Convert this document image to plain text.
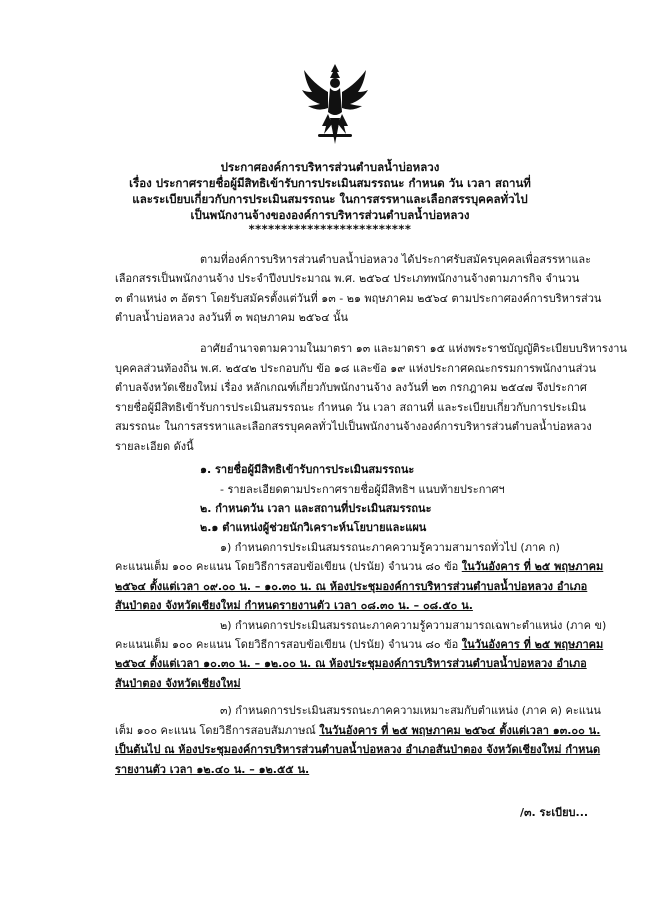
ประกาศองค์การบริหารส่วนตำบลน้ำบ่อหลวง
เรื่อง ประกาศรายชื่อผู้มีสิทธิเข้ารับการประเมินสมรรถนะ กำหนด วัน เวลา สถานที่
และระเบียบเกี่ยวกับการประเมินสมรรถนะ ในการสรรหาและเลือกสรรบุคคลทั่วไป
เป็นพนักงานจ้างขององค์การบริหารส่วนตำบลน้ำบ่อหลวง
*************************
ตามที่องค์การบริหารส่วนตำบลน้ำบ่อหลวง ได้ประกาศรับสมัครบุคคลเพื่อสรรหาและ
เลือกสรรเป็นพนักงานจ้าง ประจำปีงบประมาณ พ.ศ. ๒๕๖๔ ประเภทพนักงานจ้างตามภารกิจ จำนวน
๓ ตำแหน่ง ๓ อัตรา โดยรับสมัครตั้งแต่วันที่ ๑๓ - ๒๑ พฤษภาคม ๒๕๖๔ ตามประกาศองค์การบริหารส่วน
ตำบลน้ำบ่อหลวง ลงวันที่ ๓ พฤษภาคม ๒๕๖๔ นั้น
อาศัยอำนาจตามความในมาตรา ๑๓ และมาตรา ๑๕ แห่งพระราชบัญญัติระเบียบบริหารงาน
บุคคลส่วนท้องถิ่น พ.ศ. ๒๕๔๒ ประกอบกับ ข้อ ๑๘ และข้อ ๑๙ แห่งประกาศคณะกรรมการพนักงานส่วน
ตำบลจังหวัดเชียงใหม่ เรื่อง หลักเกณฑ์เกี่ยวกับพนักงานจ้าง ลงวันที่ ๒๓ กรกฎาคม ๒๕๔๗ จึงประกาศ
รายชื่อผู้มีสิทธิเข้ารับการประเมินสมรรถนะ กำหนด วัน เวลา สถานที่ และระเบียบเกี่ยวกับการประเมิน
สมรรถนะ ในการสรรหาและเลือกสรรบุคคลทั่วไปเป็นพนักงานจ้างองค์การบริหารส่วนตำบลน้ำบ่อหลวง
รายละเอียด ดังนี้
๑. รายชื่อผู้มีสิทธิเข้ารับการประเมินสมรรถนะ
- รายละเอียดตามประกาศรายชื่อผู้มีสิทธิฯ แนบท้ายประกาศฯ
๒. กำหนดวัน เวลา และสถานที่ประเมินสมรรถนะ
๒.๑ ตำแหน่งผู้ช่วยนักวิเคราะห์นโยบายและแผน
๑) กำหนดการประเมินสมรรถนะภาคความรู้ความสามารถทั่วไป (ภาค ก)
คะแนนเต็ม ๑๐๐ คะแนน โดยวิธีการสอบข้อเขียน (ปรนัย) จำนวน ๘๐ ข้อ ในวันอังคาร ที่ ๒๕ พฤษภาคม
๒๕๖๔ ตั้งแต่เวลา ๐๙.๐๐ น. – ๑๐.๓๐ น. ณ ห้องประชุมองค์การบริหารส่วนตำบลน้ำบ่อหลวง อำเภอ
สันป่าตอง จังหวัดเชียงใหม่ กำหนดรายงานตัว เวลา ๐๘.๓๐ น. – ๐๘.๕๐ น.
๒) กำหนดการประเมินสมรรถนะภาคความรู้ความสามารถเฉพาะตำแหน่ง (ภาค ข)
คะแนนเต็ม ๑๐๐ คะแนน โดยวิธีการสอบข้อเขียน (ปรนัย) จำนวน ๘๐ ข้อ ในวันอังคาร ที่ ๒๕ พฤษภาคม
๒๕๖๔ ตั้งแต่เวลา ๑๐.๓๐ น. – ๑๒.๐๐ น. ณ ห้องประชุมองค์การบริหารส่วนตำบลน้ำบ่อหลวง อำเภอ
สันป่าตอง จังหวัดเชียงใหม่
๓) กำหนดการประเมินสมรรถนะภาคความเหมาะสมกับตำแหน่ง (ภาค ค) คะแนน
เต็ม ๑๐๐ คะแนน โดยวิธีการสอบสัมภาษณ์ ในวันอังคาร ที่ ๒๕ พฤษภาคม ๒๕๖๔ ตั้งแต่เวลา ๑๓.๐๐ น.
เป็นต้นไป ณ ห้องประชุมองค์การบริหารส่วนตำบลน้ำบ่อหลวง อำเภอสันป่าตอง จังหวัดเชียงใหม่ กำหนด
รายงานตัว เวลา ๑๒.๔๐ น. – ๑๒.๕๕ น.
/๓. ระเบียบ...
